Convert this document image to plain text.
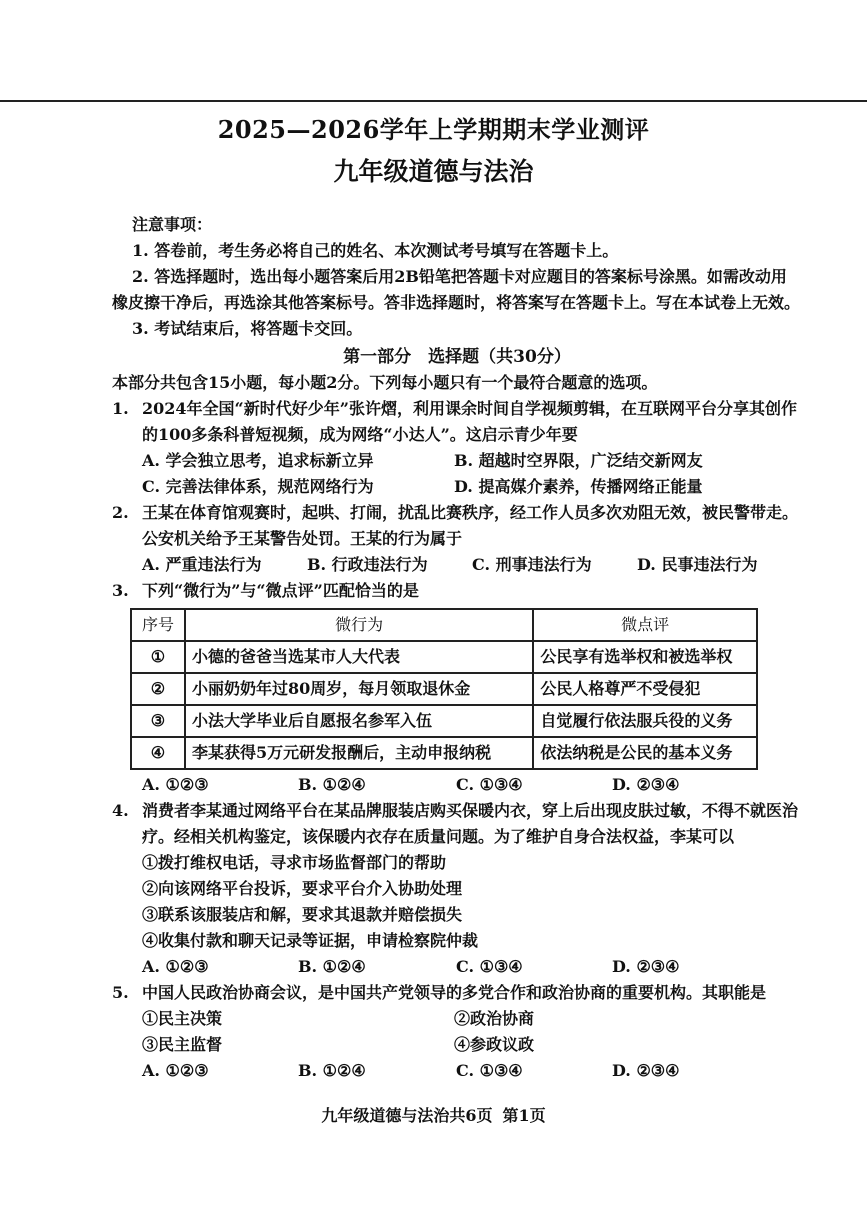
2025—2026学年上学期期末学业测评
九年级道德与法治
注意事项：
1. 答卷前，考生务必将自己的姓名、本次测试考号填写在答题卡上。
2. 答选择题时，选出每小题答案后用2B铅笔把答题卡对应题目的答案标号涂黑。如需改动用橡皮擦干净后，再选涂其他答案标号。答非选择题时，将答案写在答题卡上。写在本试卷上无效。
3. 考试结束后，将答题卡交回。
第一部分　选择题（共30分）
本部分共包含15小题，每小题2分。下列每小题只有一个最符合题意的选项。
1. 2024年全国“新时代好少年”张许熠，利用课余时间自学视频剪辑，在互联网平台分享其创作的100多条科普短视频，成为网络“小达人”。这启示青少年要
A. 学会独立思考，追求标新立异	B. 超越时空界限，广泛结交新网友
C. 完善法律体系，规范网络行为	D. 提高媒介素养，传播网络正能量
2. 王某在体育馆观赛时，起哄、打闹，扰乱比赛秩序，经工作人员多次劝阻无效，被民警带走。公安机关给予王某警告处罚。王某的行为属于
A. 严重违法行为	B. 行政违法行为	C. 刑事违法行为	D. 民事违法行为
3. 下列“微行为”与“微点评”匹配恰当的是
序号	微行为	微点评
①	小德的爸爸当选某市人大代表	公民享有选举权和被选举权
②	小丽奶奶年过80周岁，每月领取退休金	公民人格尊严不受侵犯
③	小法大学毕业后自愿报名参军入伍	自觉履行依法服兵役的义务
④	李某获得5万元研发报酬后，主动申报纳税	依法纳税是公民的基本义务
A. ①②③	B. ①②④	C. ①③④	D. ②③④
4. 消费者李某通过网络平台在某品牌服装店购买保暖内衣，穿上后出现皮肤过敏，不得不就医治疗。经相关机构鉴定，该保暖内衣存在质量问题。为了维护自身合法权益，李某可以
①拨打维权电话，寻求市场监督部门的帮助
②向该网络平台投诉，要求平台介入协助处理
③联系该服装店和解，要求其退款并赔偿损失
④收集付款和聊天记录等证据，申请检察院仲裁
A. ①②③	B. ①②④	C. ①③④	D. ②③④
5. 中国人民政治协商会议，是中国共产党领导的多党合作和政治协商的重要机构。其职能是
①民主决策	②政治协商
③民主监督	④参政议政
A. ①②③	B. ①②④	C. ①③④	D. ②③④
九年级道德与法治共6页 第1页
